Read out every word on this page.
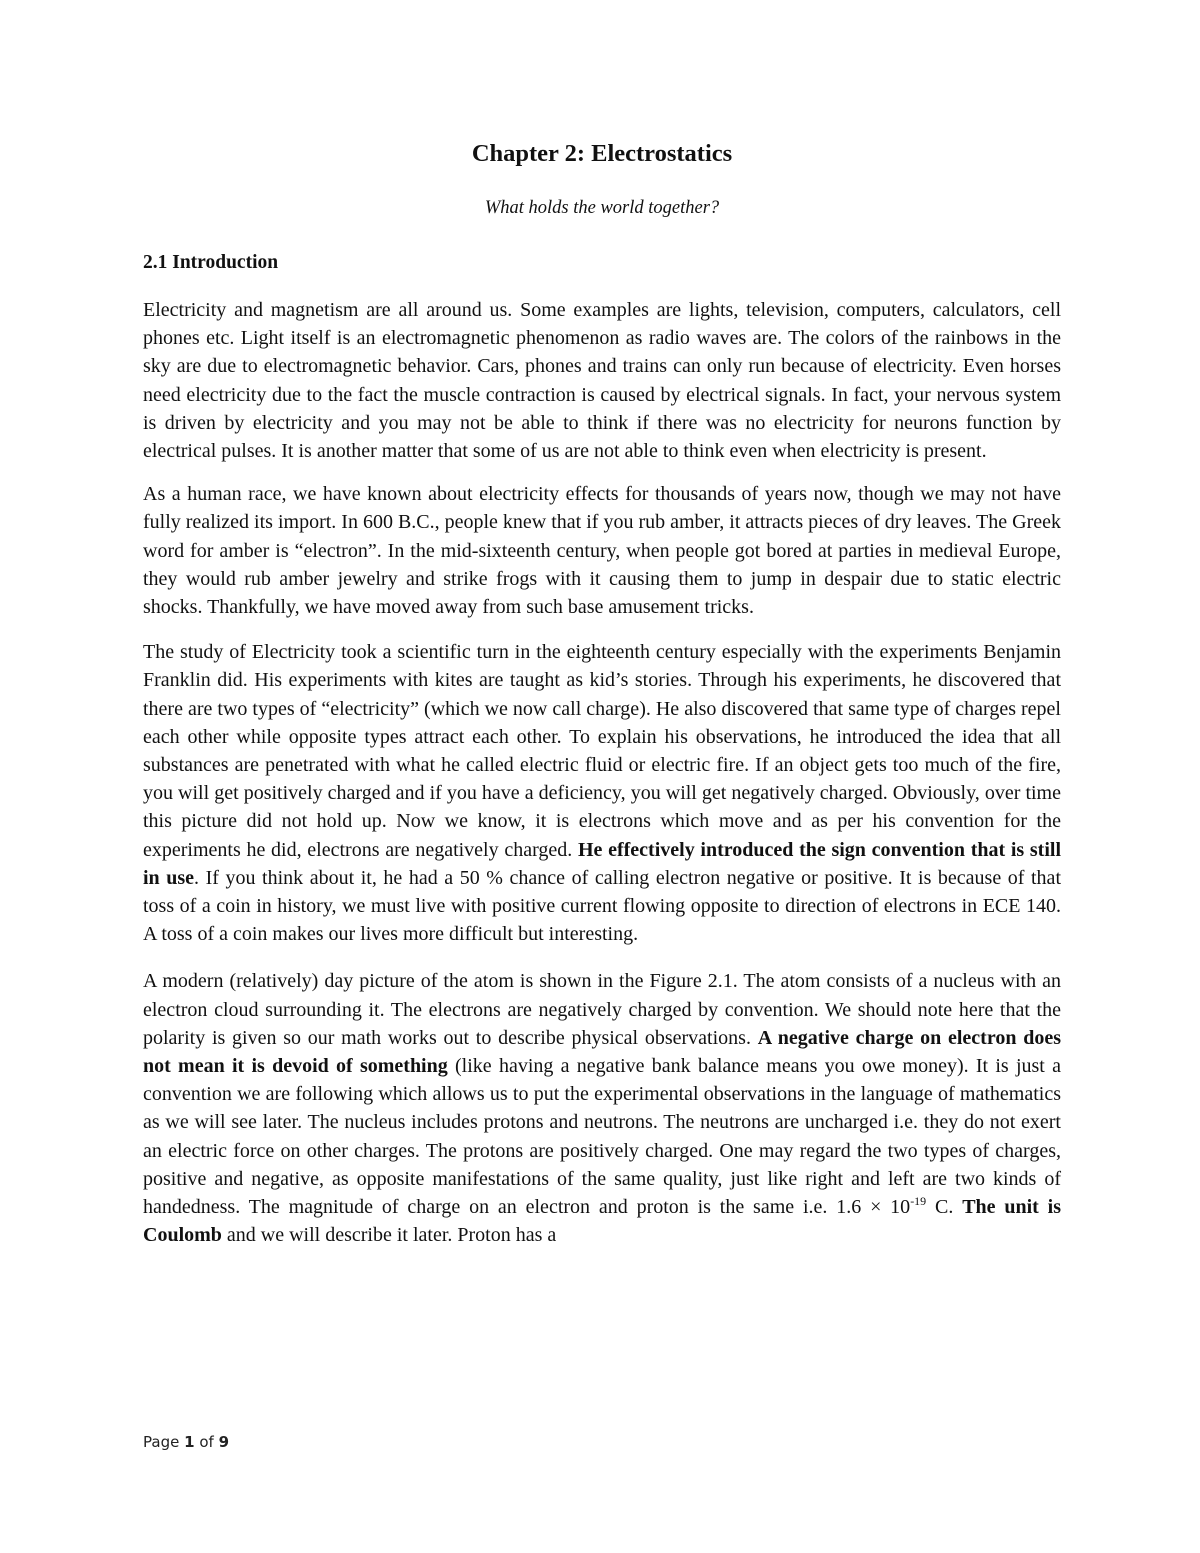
Chapter 2: Electrostatics

What holds the world together?

2.1 Introduction

Electricity and magnetism are all around us. Some examples are lights, television, computers, calculators, cell phones etc. Light itself is an electromagnetic phenomenon as radio waves are. The colors of the rainbows in the sky are due to electromagnetic behavior. Cars, phones and trains can only run because of electricity. Even horses need electricity due to the fact the muscle contraction is caused by electrical signals. In fact, your nervous system is driven by electricity and you may not be able to think if there was no electricity for neurons function by electrical pulses. It is another matter that some of us are not able to think even when electricity is present.

As a human race, we have known about electricity effects for thousands of years now, though we may not have fully realized its import. In 600 B.C., people knew that if you rub amber, it attracts pieces of dry leaves. The Greek word for amber is “electron”. In the mid-sixteenth century, when people got bored at parties in medieval Europe, they would rub amber jewelry and strike frogs with it causing them to jump in despair due to static electric shocks. Thankfully, we have moved away from such base amusement tricks.

The study of Electricity took a scientific turn in the eighteenth century especially with the experiments Benjamin Franklin did. His experiments with kites are taught as kid’s stories. Through his experiments, he discovered that there are two types of “electricity” (which we now call charge). He also discovered that same type of charges repel each other while opposite types attract each other. To explain his observations, he introduced the idea that all substances are penetrated with what he called electric fluid or electric fire. If an object gets too much of the fire, you will get positively charged and if you have a deficiency, you will get negatively charged. Obviously, over time this picture did not hold up. Now we know, it is electrons which move and as per his convention for the experiments he did, electrons are negatively charged. He effectively introduced the sign convention that is still in use. If you think about it, he had a 50 % chance of calling electron negative or positive. It is because of that toss of a coin in history, we must live with positive current flowing opposite to direction of electrons in ECE 140. A toss of a coin makes our lives more difficult but interesting.

A modern (relatively) day picture of the atom is shown in the Figure 2.1. The atom consists of a nucleus with an electron cloud surrounding it. The electrons are negatively charged by convention. We should note here that the polarity is given so our math works out to describe physical observations. A negative charge on electron does not mean it is devoid of something (like having a negative bank balance means you owe money). It is just a convention we are following which allows us to put the experimental observations in the language of mathematics as we will see later. The nucleus includes protons and neutrons. The neutrons are uncharged i.e. they do not exert an electric force on other charges. The protons are positively charged. One may regard the two types of charges, positive and negative, as opposite manifestations of the same quality, just like right and left are two kinds of handedness. The magnitude of charge on an electron and proton is the same i.e. $1.6 \times 10^{-19}$ C. The unit is Coulomb and we will describe it later. Proton has a

Page 1 of 9
